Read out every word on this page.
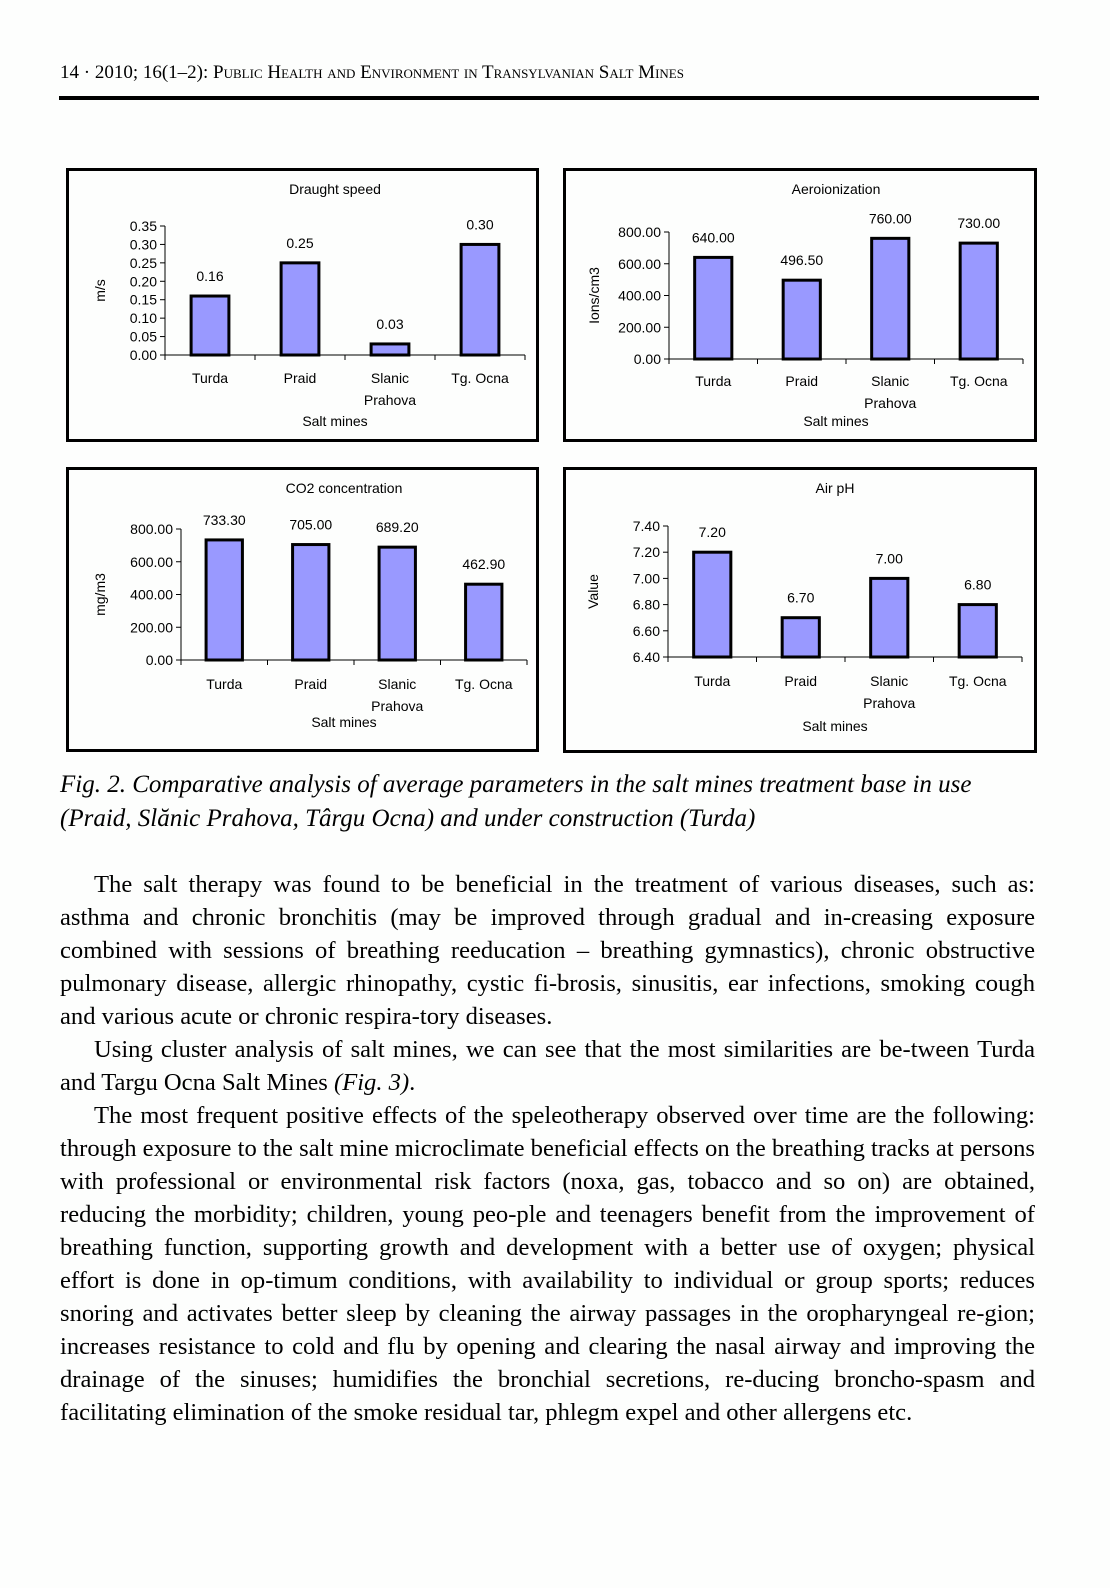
14 · 2010; 16(1–2): Public Health and Environment in Transylvanian Salt Mines
Draught speed
m/s
0.00
0.05
0.10
0.15
0.20
0.25
0.30
0.35
0.16
Turda
0.25
Praid
0.03
Slanic
Prahova
0.30
Tg. Ocna
Salt mines
Aeroionization
Ions/cm3
0.00
200.00
400.00
600.00
800.00 640.00
Turda
496.50
Praid
760.00
Slanic
Prahova
730.00
Tg. Ocna
Salt mines
CO2 concentration
mg/m3
0.00
200.00
400.00
600.00
800.00
733.30
Turda
705.00
Praid
689.20
Slanic
Prahova
462.90
Tg. Ocna
Salt mines
Air pH
Value
6.40
6.60
6.80
7.00
7.20
7.40	7.20
Turda
6.70
Praid
7.00
Slanic
Prahova
6.80
Tg. Ocna
Salt mines
Fig. 2. Comparative analysis of average parameters in the salt mines treatment base in use (Praid, Slănic Prahova, Târgu Ocna) and under construction (Turda)

The salt therapy was found to be beneficial in the treatment of various diseases, such as: asthma and chronic bronchitis (may be improved through gradual and in-creasing exposure combined with sessions of breathing reeducation – breathing gymnastics), chronic obstructive pulmonary disease, allergic rhinopathy, cystic fi-brosis, sinusitis, ear infections, smoking cough and various acute or chronic respira-tory diseases.

Using cluster analysis of salt mines, we can see that the most similarities are be-tween Turda and Targu Ocna Salt Mines (Fig. 3).

The most frequent positive effects of the speleotherapy observed over time are the following: through exposure to the salt mine microclimate beneficial effects on the breathing tracks at persons with professional or environmental risk factors (noxa, gas, tobacco and so on) are obtained, reducing the morbidity; children, young peo-ple and teenagers benefit from the improvement of breathing function, supporting growth and development with a better use of oxygen; physical effort is done in op-timum conditions, with availability to individual or group sports; reduces snoring and activates better sleep by cleaning the airway passages in the oropharyngeal re-gion; increases resistance to cold and flu by opening and clearing the nasal airway and improving the drainage of the sinuses; humidifies the bronchial secretions, re-ducing broncho-spasm and facilitating elimination of the smoke residual tar, phlegm expel and other allergens etc.
